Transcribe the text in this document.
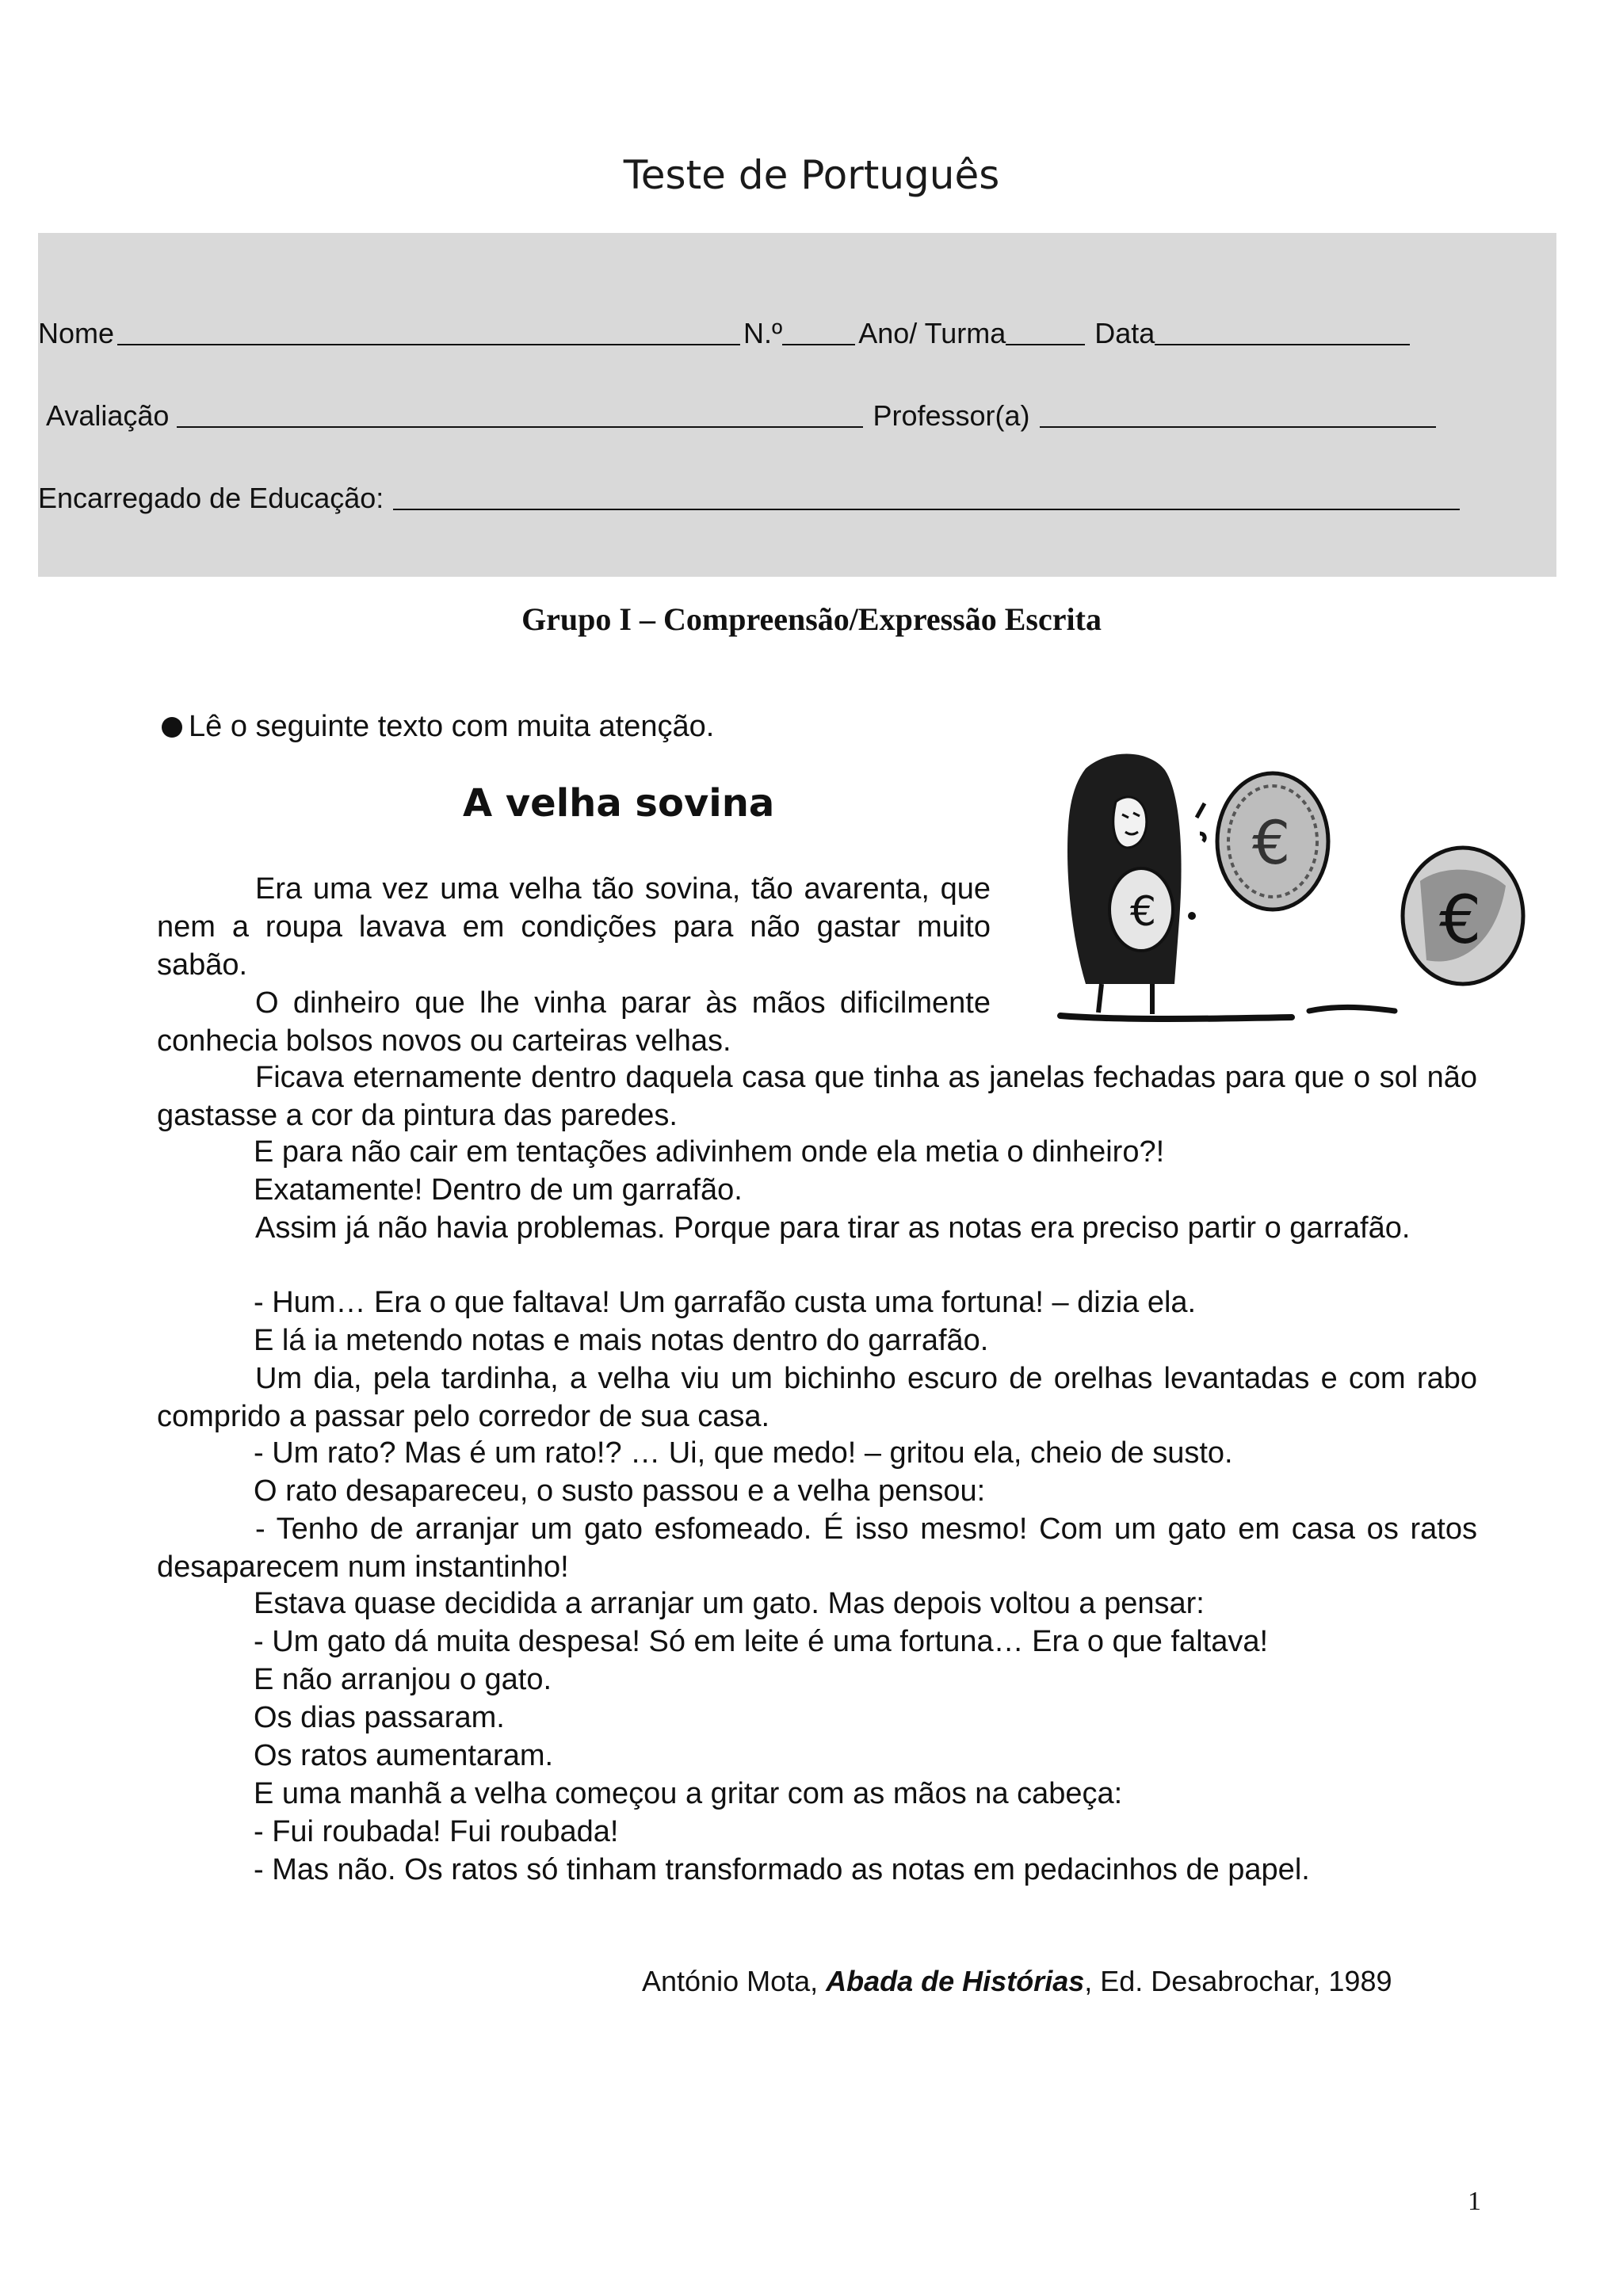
Teste de Português
Nome	N.º	Ano/ Turma	Data
Avaliação	Professor(a)
Encarregado de Educação:
Grupo I – Compreensão/Expressão Escrita
Lê o seguinte texto com muita atenção.
A velha sovina
€
€
€
Era uma vez uma velha tão sovina, tão avarenta, que nem a roupa lavava em condições para não gastar muito sabão.
O dinheiro que lhe vinha parar às mãos dificilmente conhecia bolsos novos ou carteiras velhas.
Ficava eternamente dentro daquela casa que tinha as janelas fechadas para que o sol não gastasse a cor da pintura das paredes.
E para não cair em tentações adivinhem onde ela metia o dinheiro?!
Exatamente! Dentro de um garrafão.
Assim já não havia problemas. Porque para tirar as notas era preciso partir o garrafão.
- Hum… Era o que faltava! Um garrafão custa uma fortuna! – dizia ela.
E lá ia metendo notas e mais notas dentro do garrafão.
Um dia, pela tardinha, a velha viu um bichinho escuro de orelhas levantadas e com rabo comprido a passar pelo corredor de sua casa.
- Um rato? Mas é um rato!? … Ui, que medo! – gritou ela, cheio de susto.
O rato desapareceu, o susto passou e a velha pensou:
- Tenho de arranjar um gato esfomeado. É isso mesmo! Com um gato em casa os ratos desaparecem num instantinho!
Estava quase decidida a arranjar um gato. Mas depois voltou a pensar:
- Um gato dá muita despesa! Só em leite é uma fortuna… Era o que faltava!
E não arranjou o gato.
Os dias passaram.
Os ratos aumentaram.
E uma manhã a velha começou a gritar com as mãos na cabeça:
- Fui roubada! Fui roubada!
- Mas não. Os ratos só tinham transformado as notas em pedacinhos de papel.
António Mota, Abada de Histórias, Ed. Desabrochar, 1989
1
